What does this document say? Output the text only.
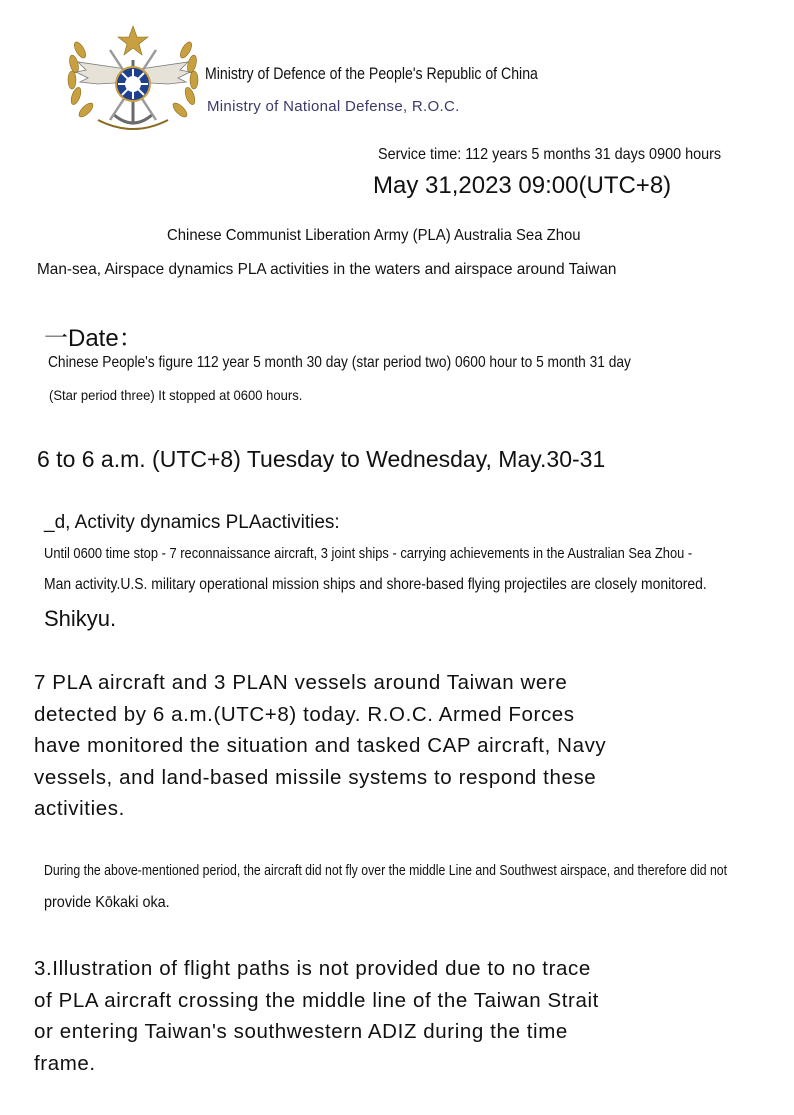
Ministry of Defence of the People's Republic of China
Ministry of National Defense, R.O.C.
Service time: 112 years 5 months 31 days 0900 hours
May 31,2023 09:00(UTC+8)
Chinese Communist Liberation Army (PLA) Australia Sea Zhou
Man-sea, Airspace dynamics PLA activities in the waters and airspace around Taiwan
一Date：
Chinese People's figure 112 year 5 month 30 day (star period two) 0600 hour to 5 month 31 day
(Star period three) It stopped at 0600 hours.
6 to 6 a.m. (UTC+8) Tuesday to Wednesday, May.30-31
_d, Activity dynamics PLAactivities:
Until 0600 time stop - 7 reconnaissance aircraft, 3 joint ships - carrying achievements in the Australian Sea Zhou -
Man activity.U.S. military operational mission ships and shore-based flying projectiles are closely monitored.
Shikyu.
7 PLA aircraft and 3 PLAN vessels around Taiwan were
detected by 6 a.m.(UTC+8) today. R.O.C. Armed Forces
have monitored the situation and tasked CAP aircraft, Navy
vessels, and land-based missile systems to respond these
activities.
During the above-mentioned period, the aircraft did not fly over the middle Line and Southwest airspace, and therefore did not
provide Kōkaki oka.
3.Illustration of flight paths is not provided due to no trace
of PLA aircraft crossing the middle line of the Taiwan Strait
or entering Taiwan's southwestern ADIZ during the time
frame.
